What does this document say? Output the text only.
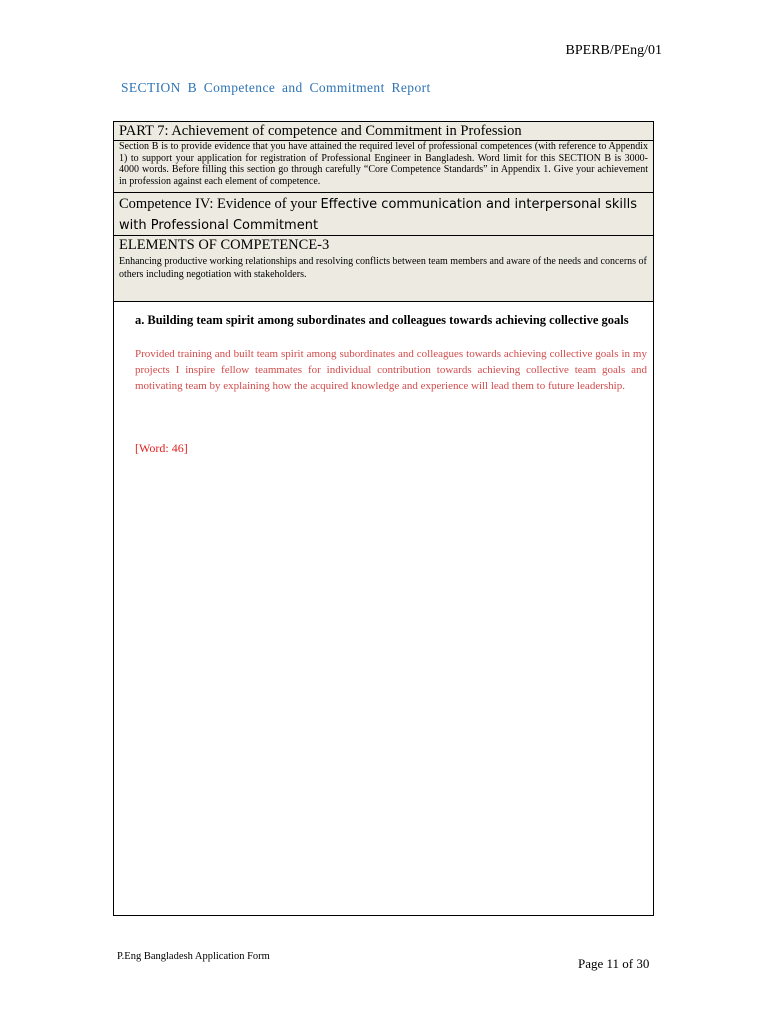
BPERB/PEng/01
SECTION B Competence and Commitment Report
PART 7: Achievement of competence and Commitment in Profession
Section B is to provide evidence that you have attained the required level of professional competences (with reference to Appendix 1) to support your application for registration of Professional Engineer in Bangladesh. Word limit for this SECTION B is 3000-4000 words. Before filling this section go through carefully “Core Competence Standards” in Appendix 1. Give your achievement in profession against each element of competence.
Competence IV: Evidence of your Effective communication and interpersonal skills with Professional Commitment
ELEMENTS OF COMPETENCE-3
Enhancing productive working relationships and resolving conflicts between team members and aware of the needs and concerns of others including negotiation with stakeholders.
a. Building team spirit among subordinates and colleagues towards achieving collective goals
Provided training and built team spirit among subordinates and colleagues towards achieving collective goals in my projects I inspire fellow teammates for individual contribution towards achieving collective team goals and motivating team by explaining how the acquired knowledge and experience will lead them to future leadership.
[Word: 46]
P.Eng Bangladesh Application Form	Page 11 of 30
